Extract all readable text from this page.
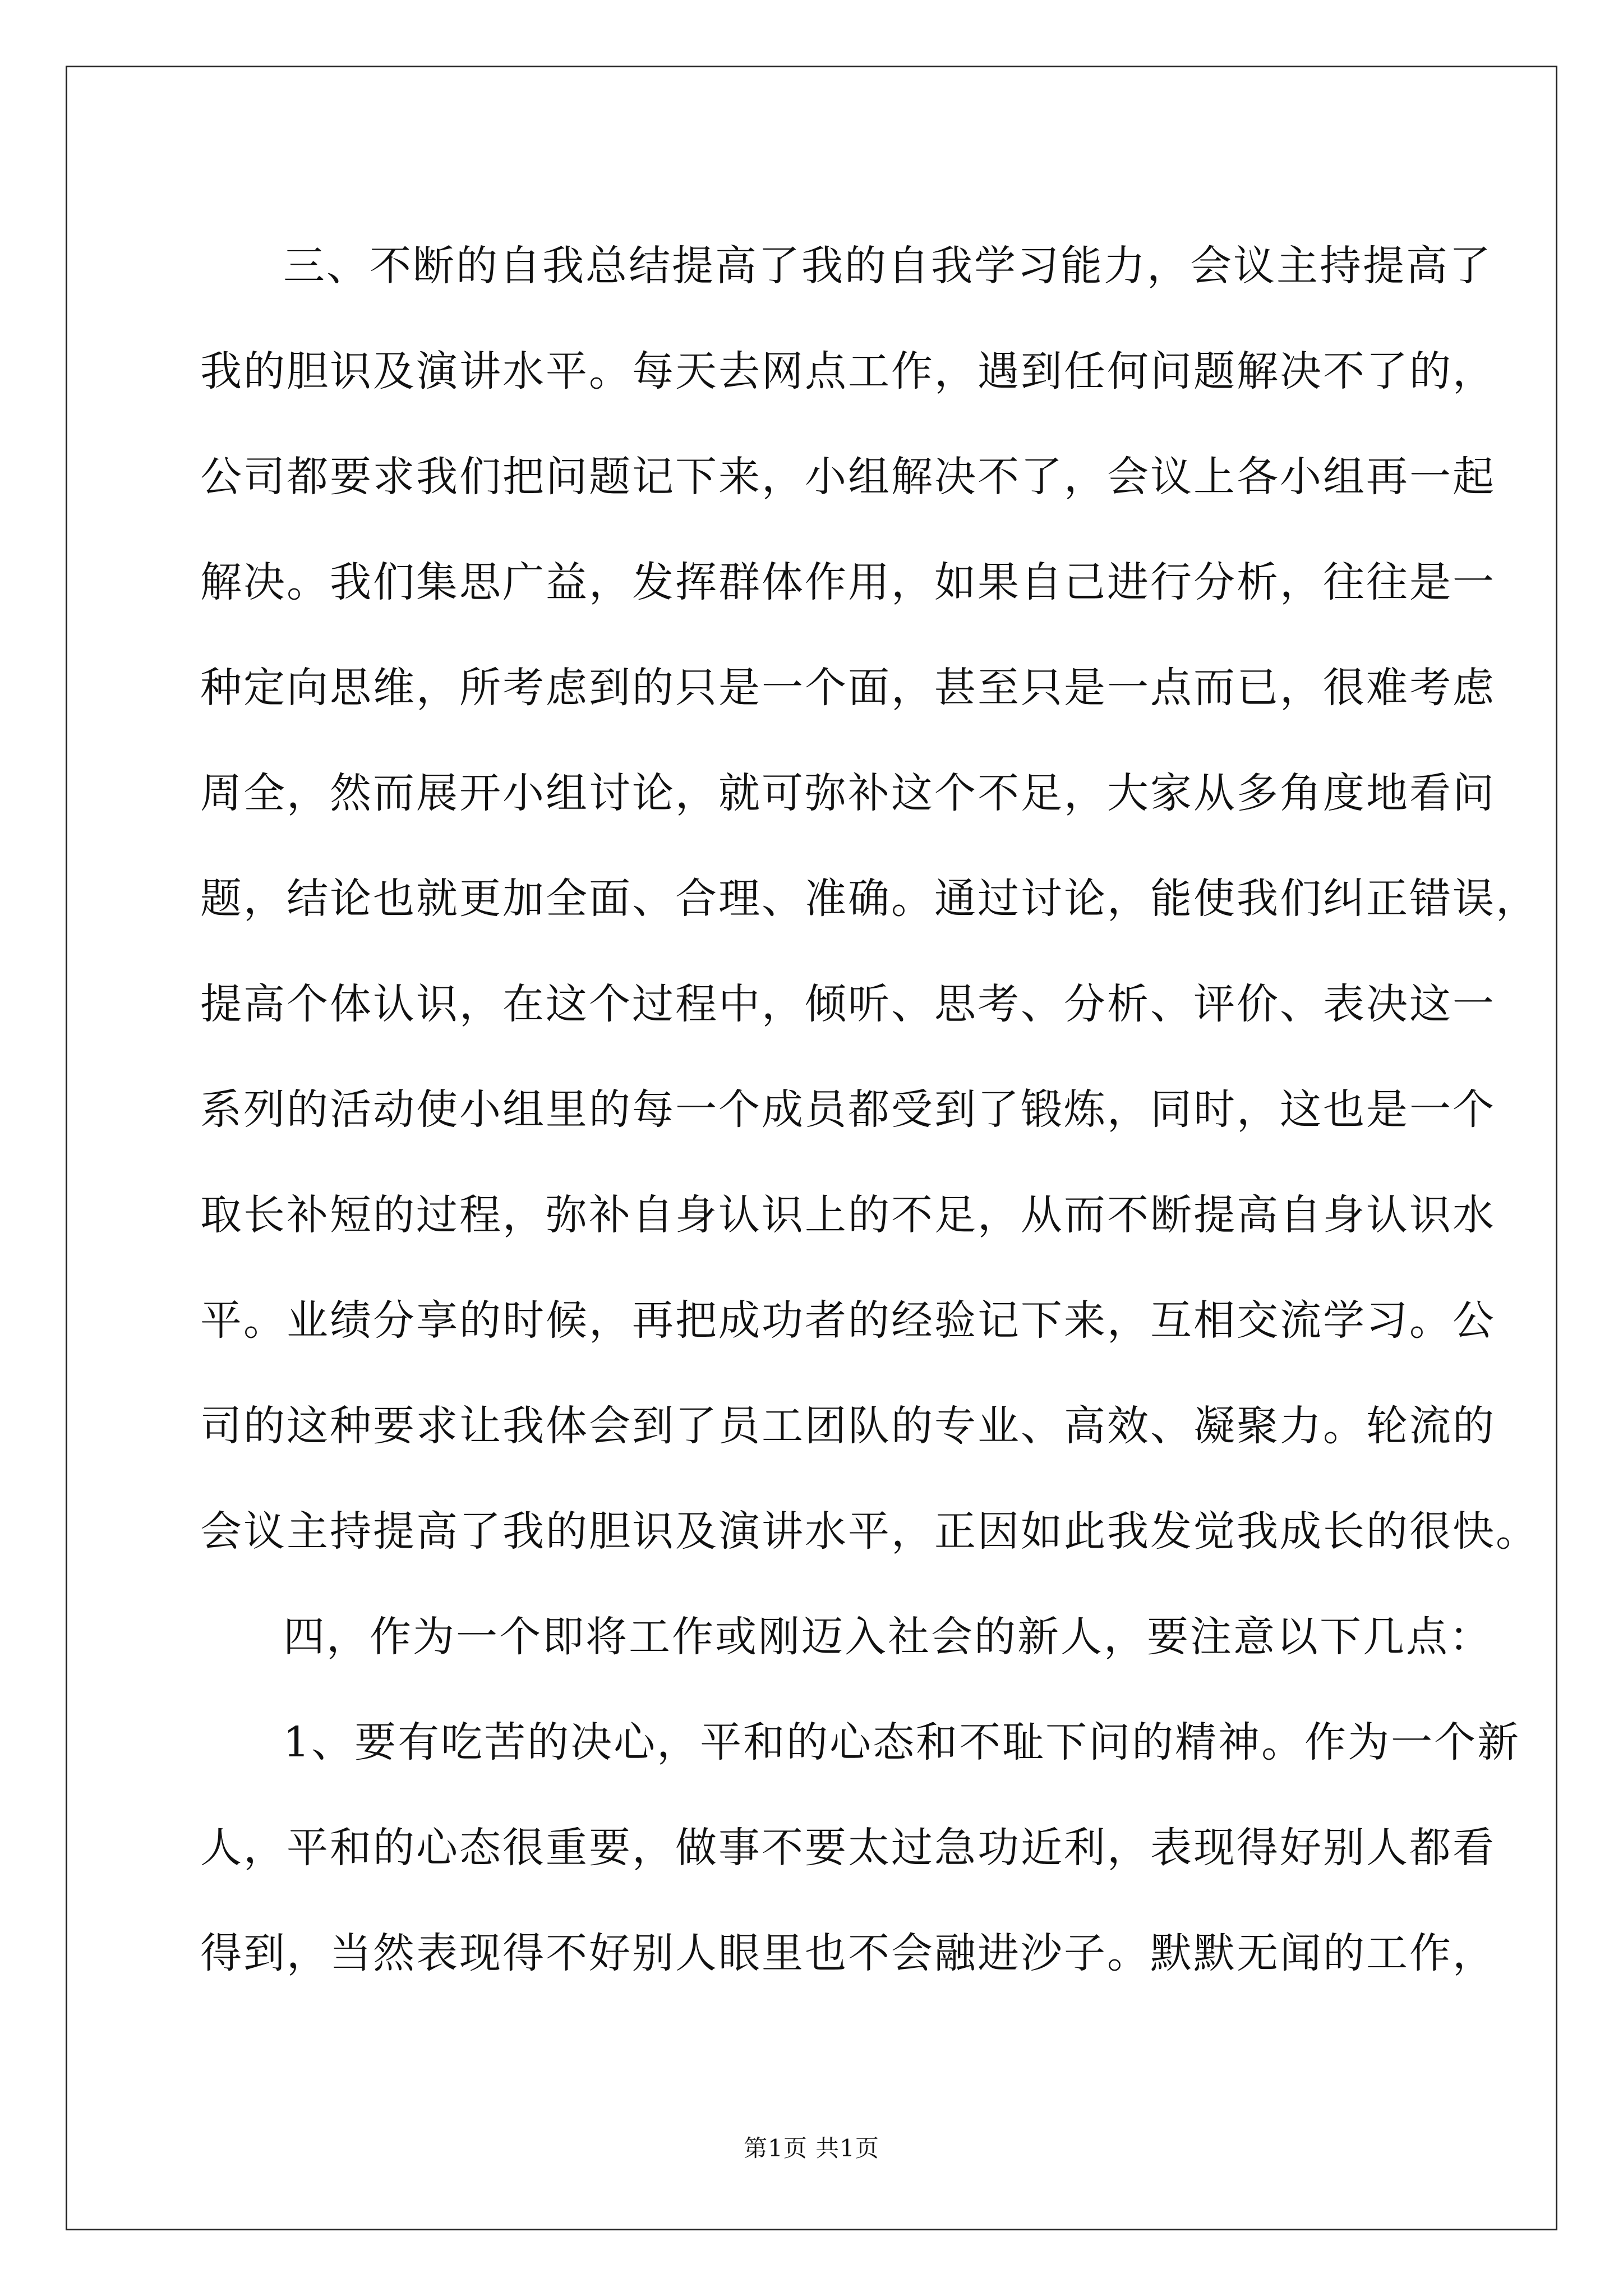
三、不断的自我总结提高了我的自我学习能力，会议主持提高了
我的胆识及演讲水平。每天去网点工作，遇到任何问题解决不了的，
公司都要求我们把问题记下来，小组解决不了，会议上各小组再一起
解决。我们集思广益，发挥群体作用，如果自己进行分析，往往是一
种定向思维，所考虑到的只是一个面，甚至只是一点而已，很难考虑
周全，然而展开小组讨论，就可弥补这个不足，大家从多角度地看问
题，结论也就更加全面、合理、准确。通过讨论，能使我们纠正错误，
提高个体认识，在这个过程中，倾听、思考、分析、评价、表决这一
系列的活动使小组里的每一个成员都受到了锻炼，同时，这也是一个
取长补短的过程，弥补自身认识上的不足，从而不断提高自身认识水
平。业绩分享的时候，再把成功者的经验记下来，互相交流学习。公
司的这种要求让我体会到了员工团队的专业、高效、凝聚力。轮流的
会议主持提高了我的胆识及演讲水平，正因如此我发觉我成长的很快。
四，作为一个即将工作或刚迈入社会的新人，要注意以下几点：
1、要有吃苦的决心，平和的心态和不耻下问的精神。作为一个新
人，平和的心态很重要，做事不要太过急功近利，表现得好别人都看
得到，当然表现得不好别人眼里也不会融进沙子。默默无闻的工作，
第1页 共1页
